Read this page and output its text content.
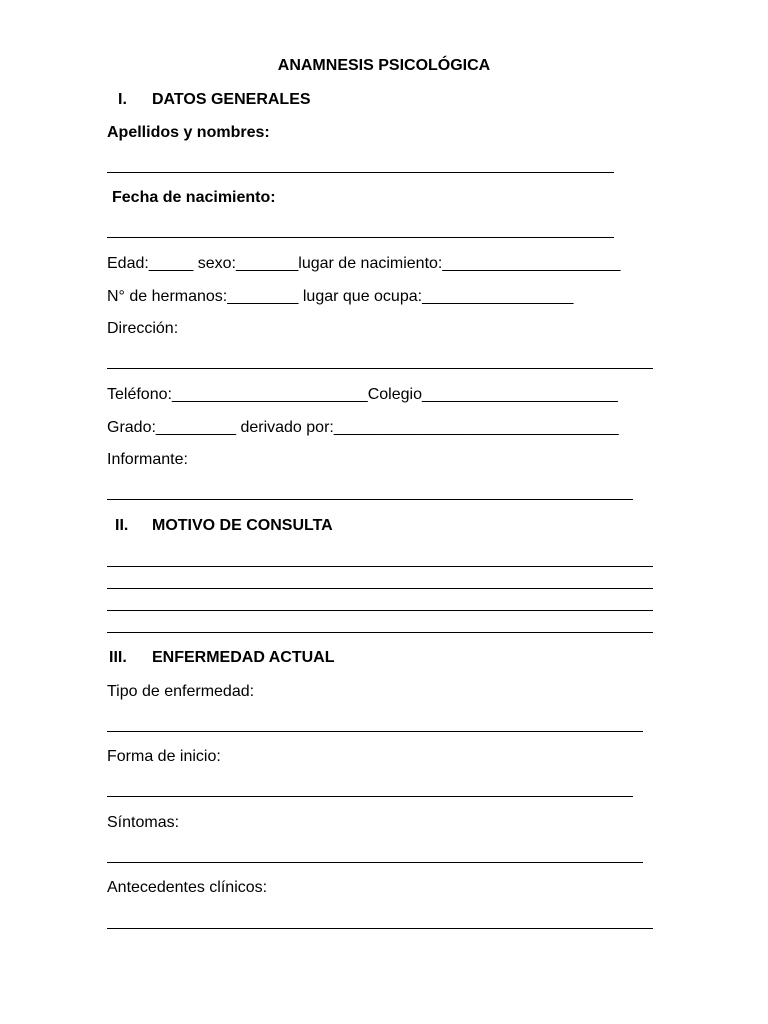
ANAMNESIS PSICOLÓGICA
I. DATOS GENERALES
Apellidos y nombres:
Fecha de nacimiento:
Edad:_____ sexo:_______lugar de nacimiento:____________________
N° de hermanos:________ lugar que ocupa:_________________
Dirección:
Teléfono:______________________Colegio______________________
Grado:_________ derivado por:________________________________
Informante:
II. MOTIVO DE CONSULTA
III. ENFERMEDAD ACTUAL
Tipo de enfermedad:
Forma de inicio:
Síntomas:
Antecedentes clínicos:
